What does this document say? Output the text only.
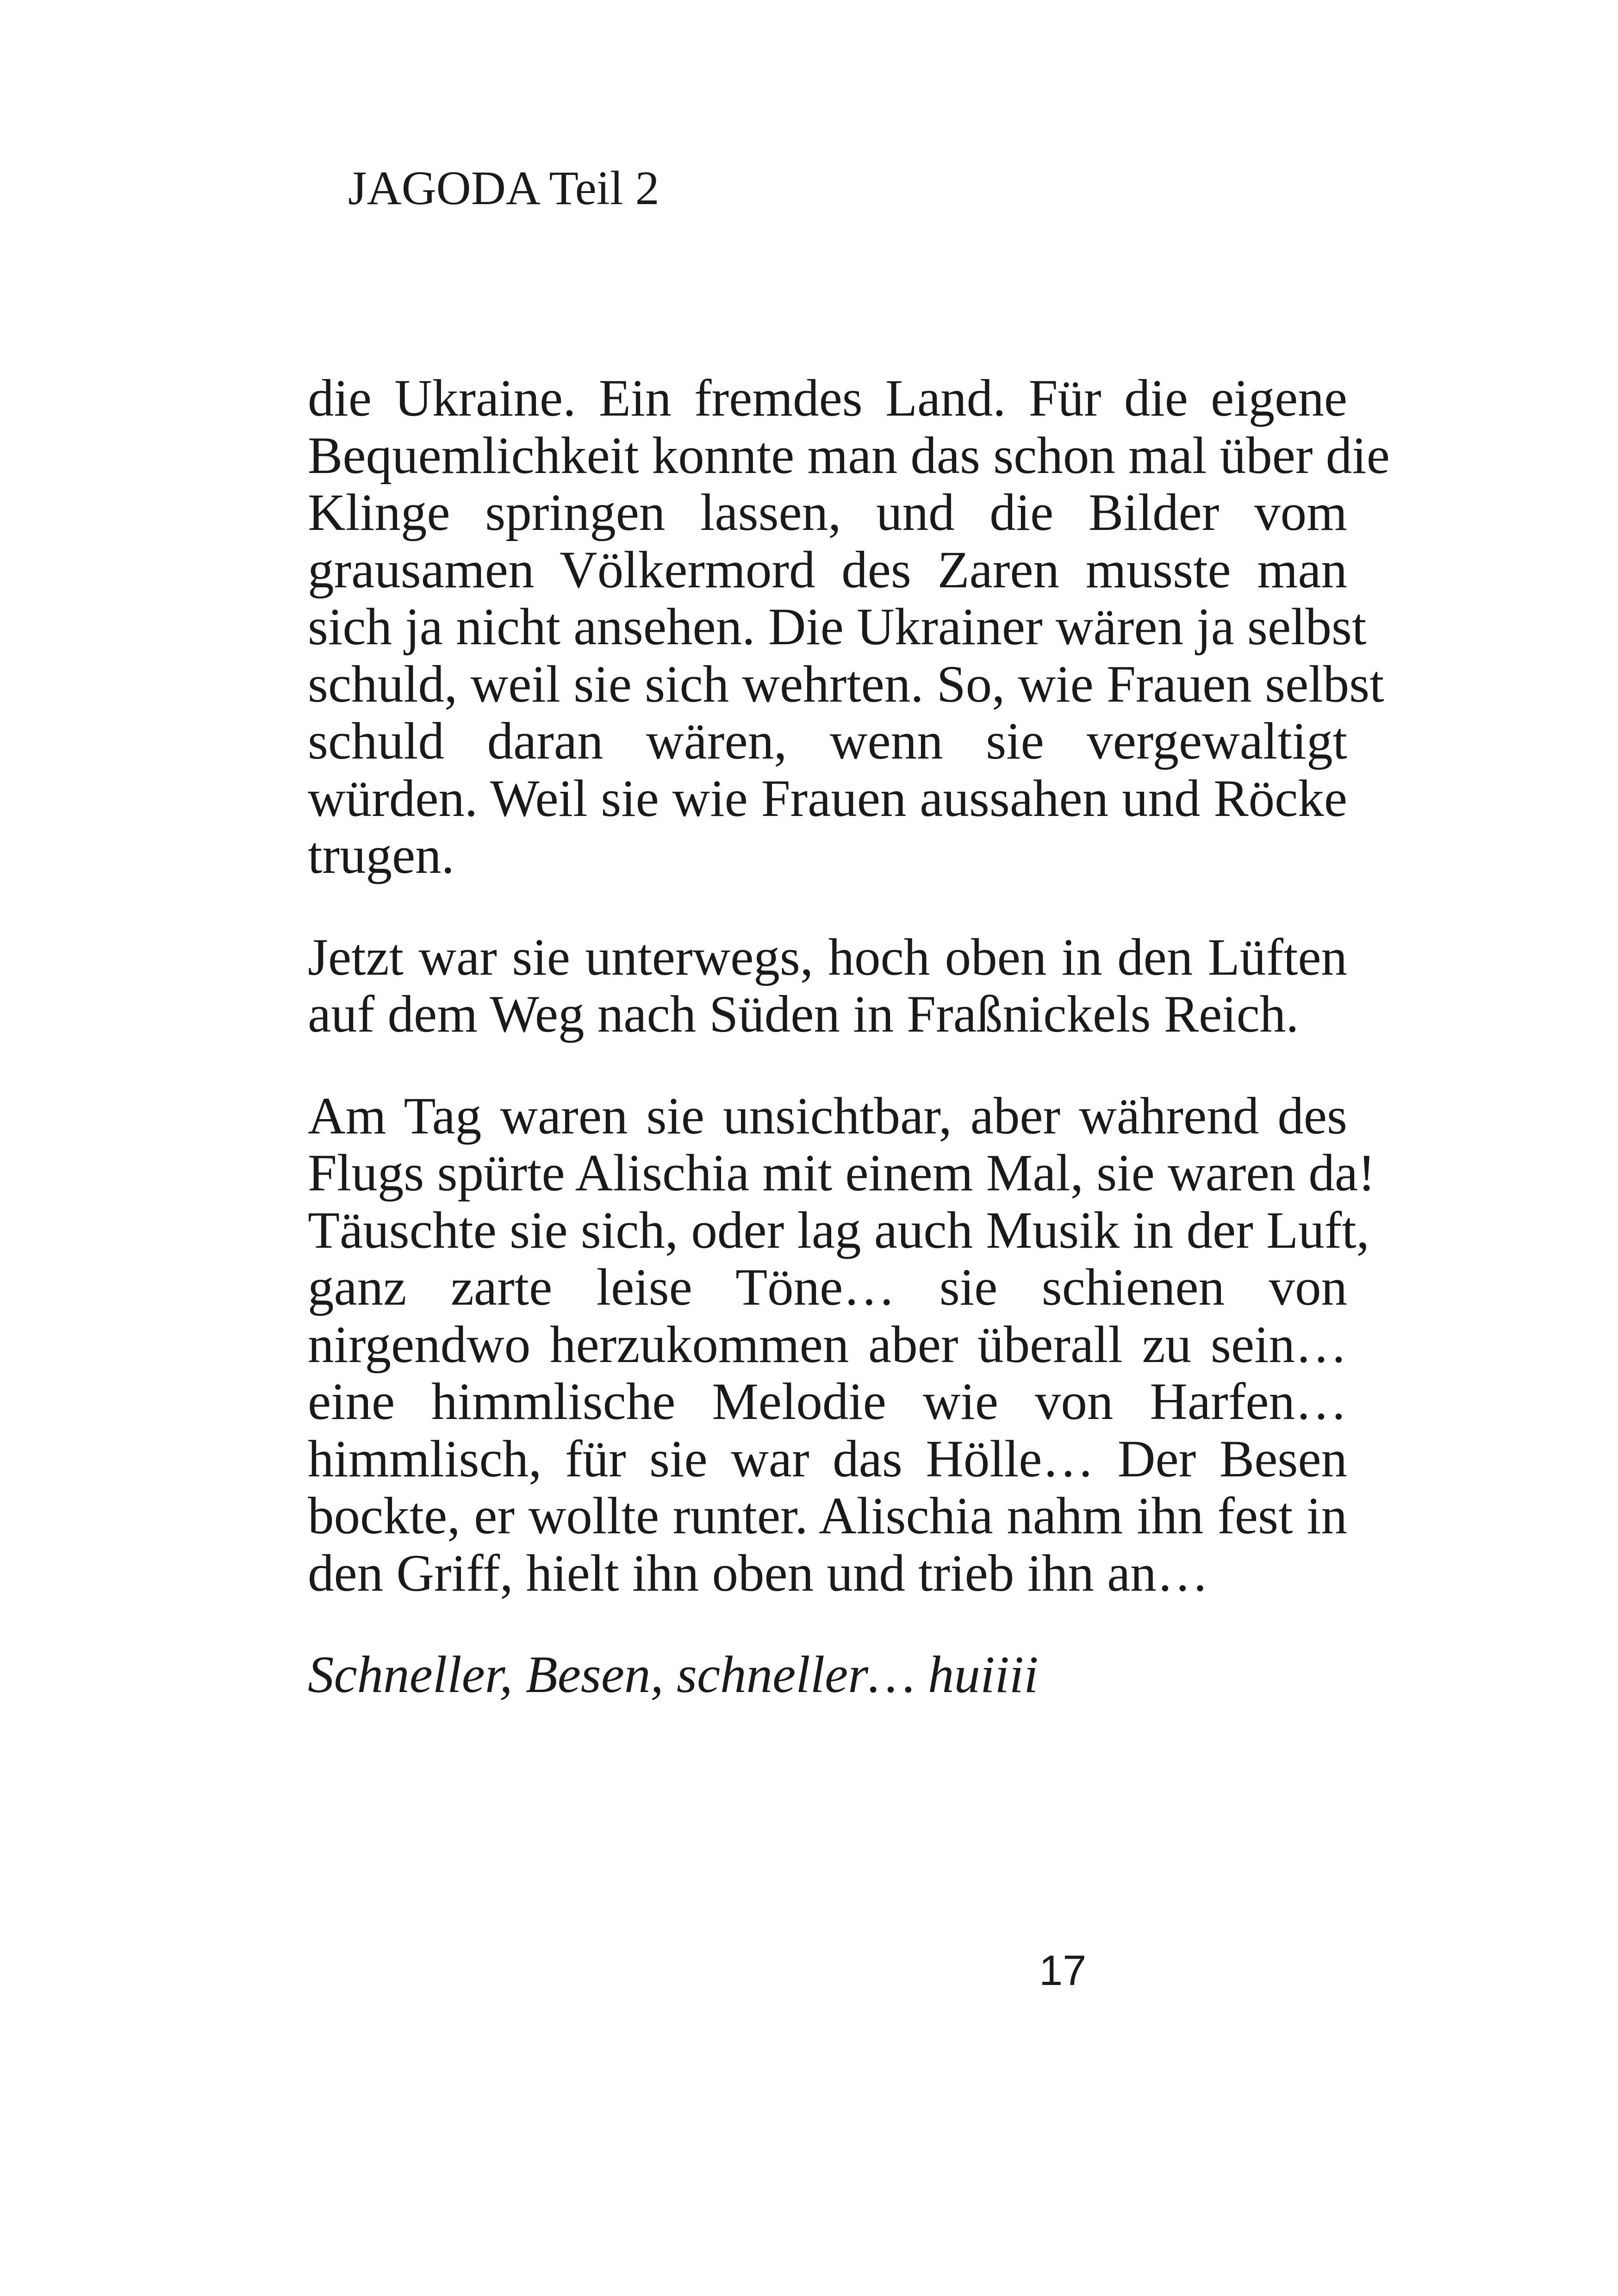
JAGODA Teil 2
die Ukraine. Ein fremdes Land. Für die eigene
Bequemlichkeit konnte man das schon mal über die
Klinge springen lassen, und die Bilder vom
grausamen Völkermord des Zaren musste man
sich ja nicht ansehen. Die Ukrainer wären ja selbst
schuld, weil sie sich wehrten. So, wie Frauen selbst
schuld daran wären, wenn sie vergewaltigt
würden. Weil sie wie Frauen aussahen und Röcke
trugen.
Jetzt war sie unterwegs, hoch oben in den Lüften
auf dem Weg nach Süden in Fraßnickels Reich.
Am Tag waren sie unsichtbar, aber während des
Flugs spürte Alischia mit einem Mal, sie waren da!
Täuschte sie sich, oder lag auch Musik in der Luft,
ganz zarte leise Töne… sie schienen von
nirgendwo herzukommen aber überall zu sein…
eine himmlische Melodie wie von Harfen…
himmlisch, für sie war das Hölle… Der Besen
bockte, er wollte runter. Alischia nahm ihn fest in
den Griff, hielt ihn oben und trieb ihn an…
Schneller, Besen, schneller… huiiii
17
